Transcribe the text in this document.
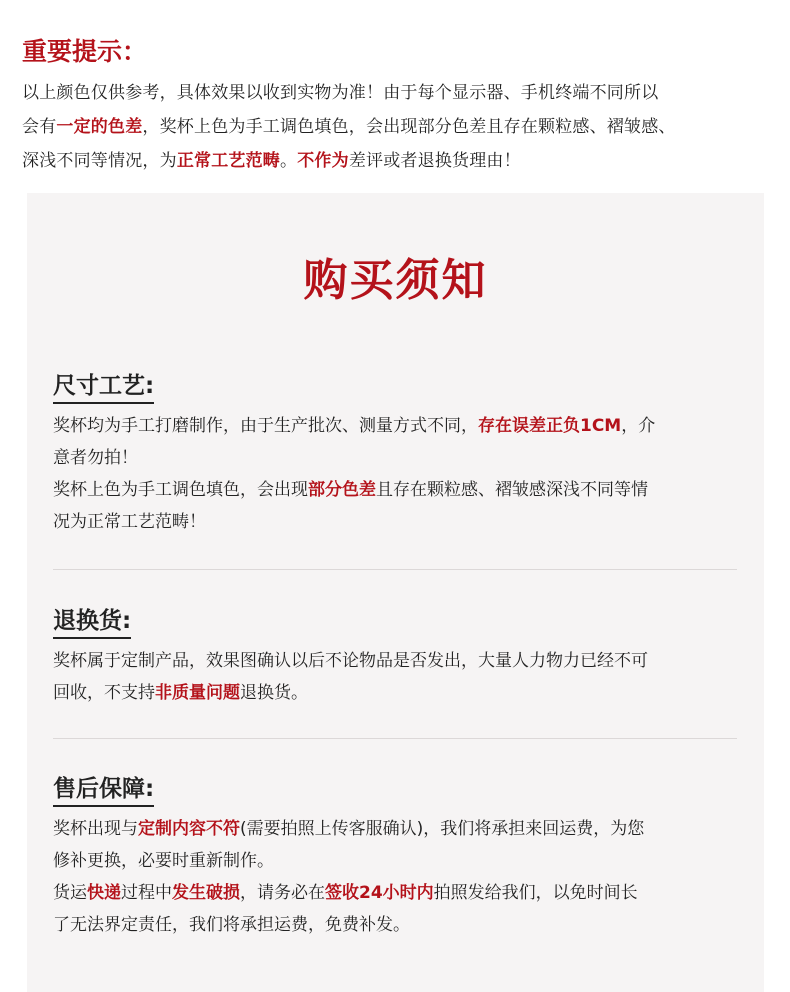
重要提示：
以上颜色仅供参考，具体效果以收到实物为准！由于每个显示器、手机终端不同所以
会有一定的色差，奖杯上色为手工调色填色，会出现部分色差且存在颗粒感、褶皱感、
深浅不同等情况，为正常工艺范畴。不作为差评或者退换货理由！
购买须知
尺寸工艺:
奖杯均为手工打磨制作，由于生产批次、测量方式不同，存在误差正负1CM，介
意者勿拍！
奖杯上色为手工调色填色，会出现部分色差且存在颗粒感、褶皱感深浅不同等情
况为正常工艺范畴！
退换货:
奖杯属于定制产品，效果图确认以后不论物品是否发出，大量人力物力已经不可
回收，不支持非质量问题退换货。
售后保障:
奖杯出现与定制内容不符(需要拍照上传客服确认)，我们将承担来回运费，为您
修补更换，必要时重新制作。
货运快递过程中发生破损，请务必在签收24小时内拍照发给我们，以免时间长
了无法界定责任，我们将承担运费，免费补发。
